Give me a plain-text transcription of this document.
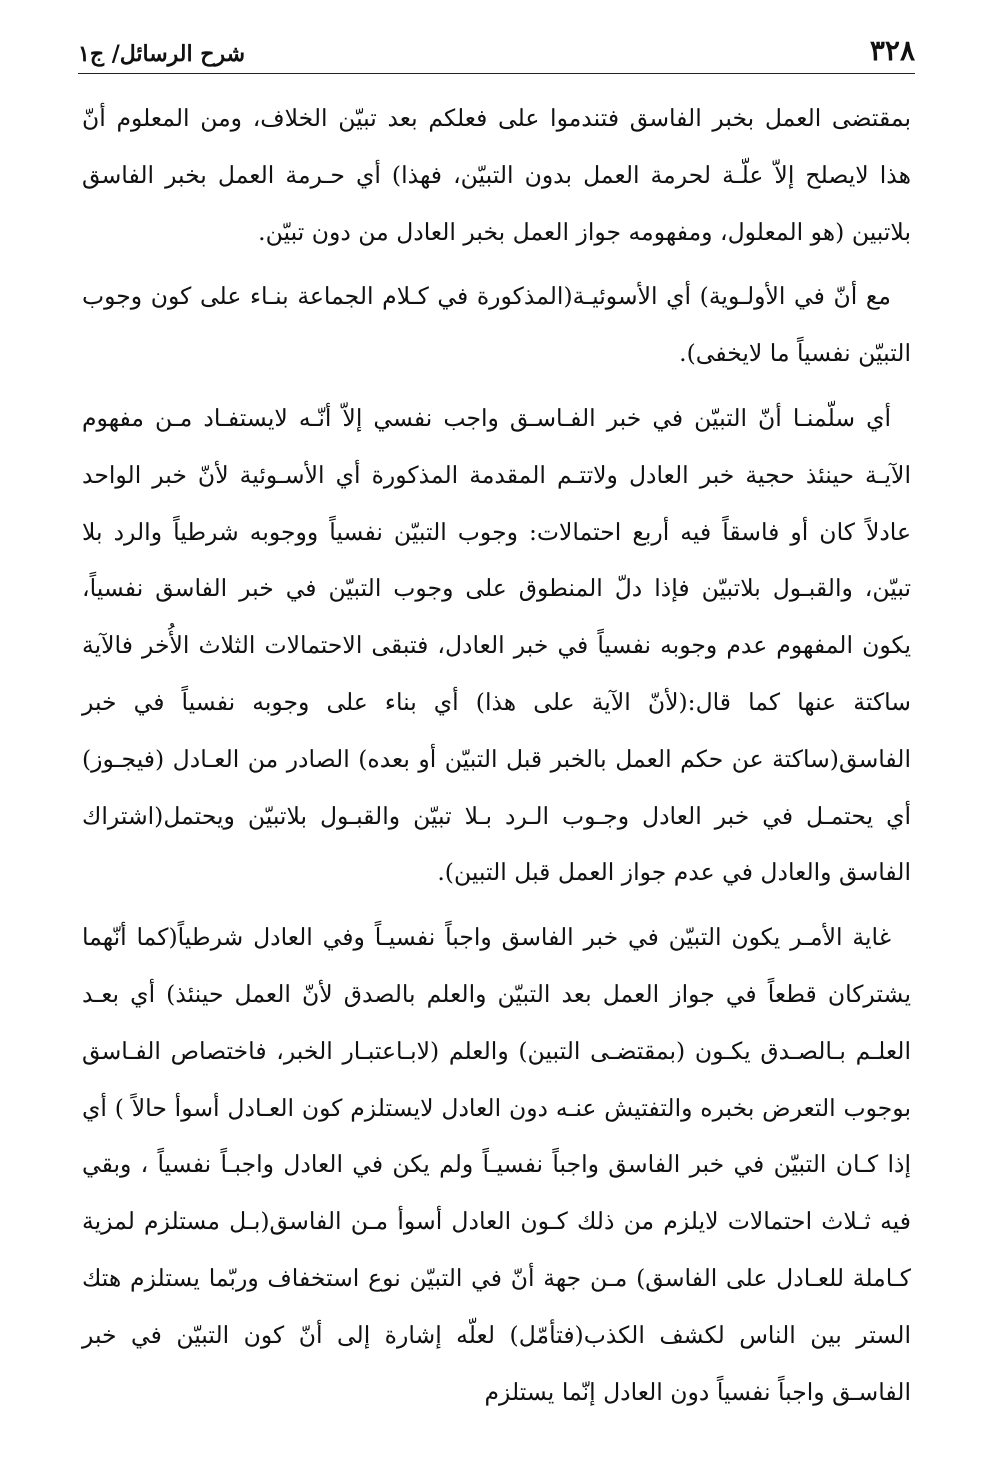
٣٢٨
شرح الرسائل/ ج١

بمقتضى العمل بخبر الفاسق فتندموا على فعلكم بعد تبيّن الخلاف، ومن المعلوم أنّ هذا لايصلح إلاّ علّـة لحرمة العمل بدون التبيّن، فهذا) أي حـرمة العمل بخبر الفاسق بلاتبين (هو المعلول، ومفهومه جواز العمل بخبر العادل من دون تبيّن.

مع أنّ في الأولـوية) أي الأسوئيـة(المذكورة في كـلام الجماعة بنـاء على كون وجوب التبيّن نفسياً ما لايخفى).

أي سلّمنـا أنّ التبيّن في خبر الفـاسـق واجب نفسي إلاّ أنّـه لايستفـاد مـن مفهوم الآيـة حينئذ حجية خبر العادل ولاتتـم المقدمة المذكورة أي الأسـوئية لأنّ خبر الواحد عادلاً كان أو فاسقاً فيه أربع احتمالات: وجوب التبيّن نفسياً ووجوبه شرطياً والرد بلا تبيّن، والقبـول بلاتبيّن فإذا دلّ المنطوق على وجوب التبيّن في خبر الفاسق نفسياً، يكون المفهوم عدم وجوبه نفسياً في خبر العادل، فتبقى الاحتمالات الثلاث الأُخر فالآية ساكتة عنها كما قال:(لأنّ الآية على هذا) أي بناء على وجوبه نفسياً في خبر الفاسق(ساكتة عن حكم العمل بالخبر قبل التبيّن أو بعده) الصادر من العـادل (فيجـوز) أي يحتمـل في خبر العادل وجـوب الـرد بـلا تبيّن والقبـول بلاتبيّن ويحتمل(اشتراك الفاسق والعادل في عدم جواز العمل قبل التبين).

غاية الأمـر يكون التبيّن في خبر الفاسق واجباً نفسيـاً وفي العادل شرطياً(كما أنّهما يشتركان قطعاً في جواز العمل بعد التبيّن والعلم بالصدق لأنّ العمل حينئذ) أي بعـد العلـم بـالصـدق يكـون (بمقتضـى التبين) والعلم (لابـاعتبـار الخبر، فاختصاص الفـاسق بوجوب التعرض بخبره والتفتيش عنـه دون العادل لايستلزم كون العـادل أسوأ حالاً ) أي إذا كـان التبيّن في خبر الفاسق واجباً نفسيـاً ولم يكن في العادل واجبـاً نفسياً ، وبقي فيه ثـلاث احتمالات لايلزم من ذلك كـون العادل أسوأ مـن الفاسق(بـل مستلزم لمزية كـاملة للعـادل على الفاسق) مـن جهة أنّ في التبيّن نوع استخفاف وربّما يستلزم هتك الستر بين الناس لكشف الكذب(فتأمّل) لعلّه إشارة إلى أنّ كون التبيّن في خبر الفاسـق واجباً نفسياً دون العادل إنّما يستلزم
